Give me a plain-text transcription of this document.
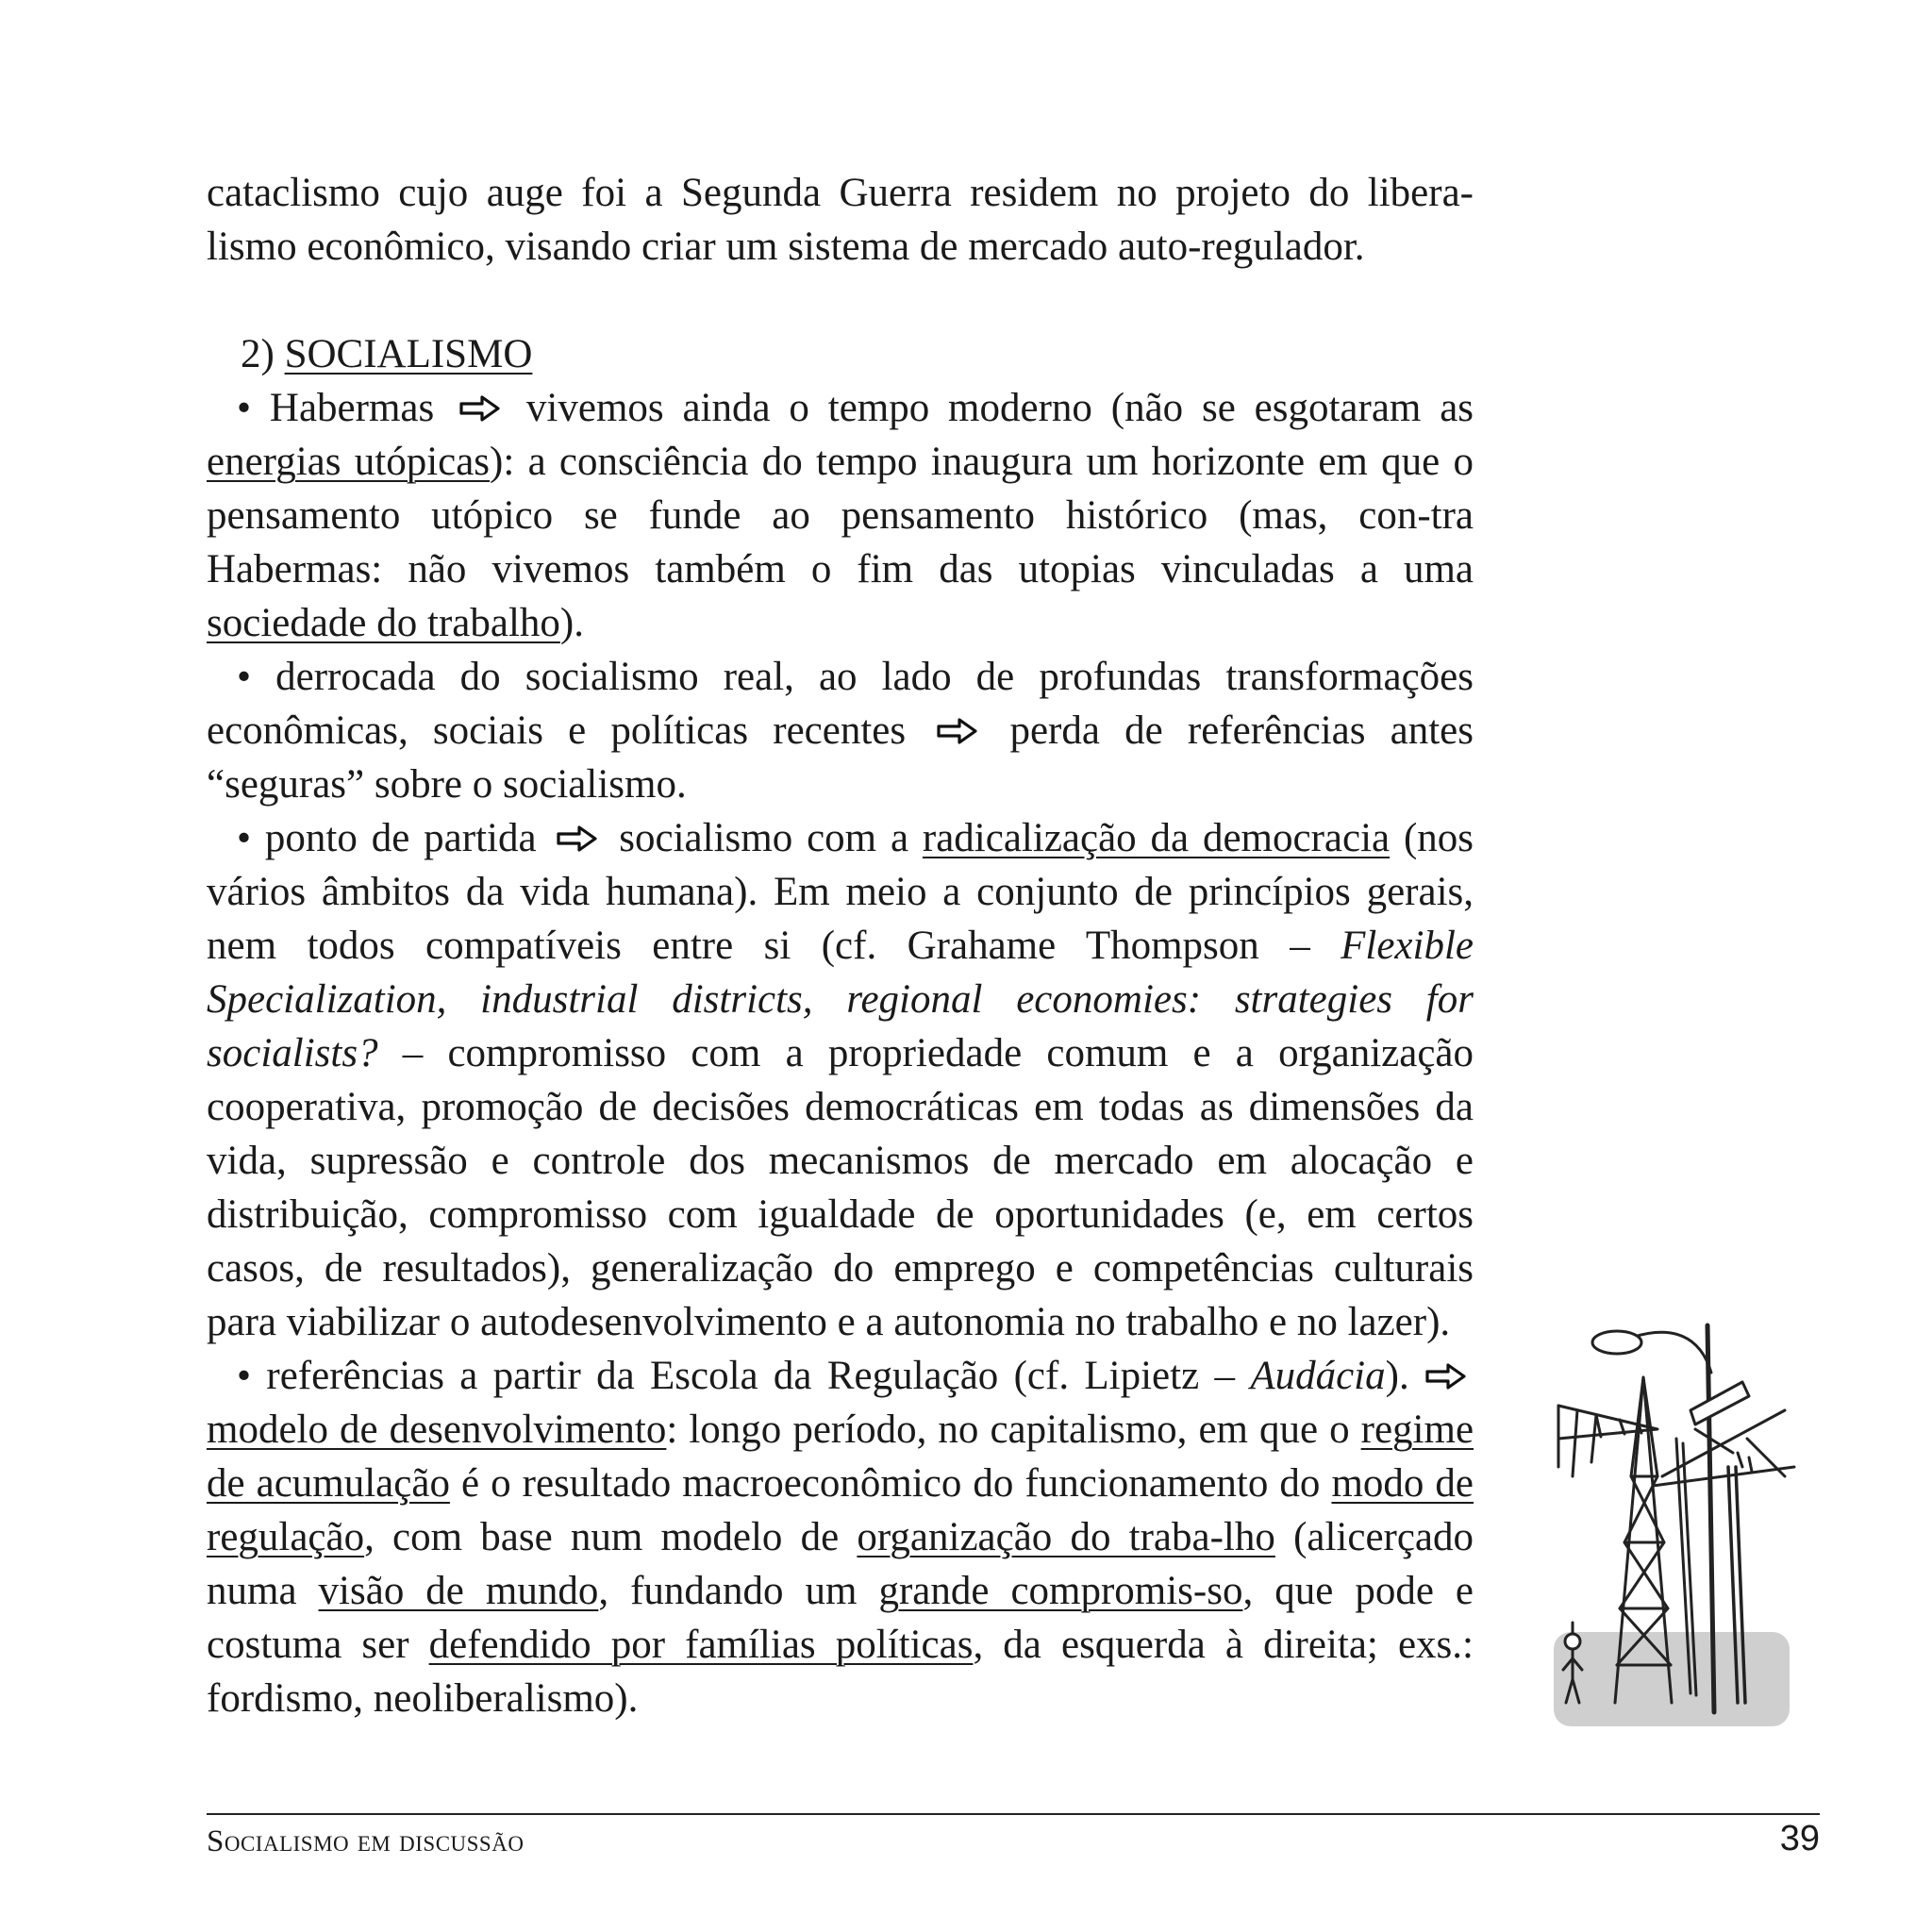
cataclismo cujo auge foi a Segunda Guerra residem no projeto do libera- lismo econômico, visando criar um sistema de mercado auto-regulador.

2) SOCIALISMO

• Habermas vivemos ainda o tempo moderno (não se esgotaram as energias utópicas): a consciência do tempo inaugura um horizonte em que o pensamento utópico se funde ao pensamento histórico (mas, con-tra Habermas: não vivemos também o fim das utopias vinculadas a uma sociedade do trabalho).

• derrocada do socialismo real, ao lado de profundas transformações econômicas, sociais e políticas recentes	perda de referências antes “seguras” sobre o socialismo.

• ponto de partida socialismo com a radicalização da democracia (nos vários âmbitos da vida humana). Em meio a conjunto de princípios gerais, nem todos compatíveis entre si (cf. Grahame Thompson – Flexible Specialization, industrial districts, regional economies: strategies for socialists? – compromisso com a propriedade comum e a organização cooperativa, promoção de decisões democráticas em todas as dimensões da vida, supressão e controle dos mecanismos de mercado em alocação e distribuição, compromisso com igualdade de oportunidades (e, em certos casos, de resultados), generalização do emprego e competências culturais para viabilizar o autodesenvolvimento e a autonomia no trabalho e no lazer).

• referências a partir da Escola da Regulação (cf. Lipietz – Audácia).  modelo de desenvolvimento: longo período, no capitalismo, em que o regime de acumulação é o resultado macroeconômico do funcionamento do modo de regulação, com base num modelo de organização do traba-lho (alicerçado numa visão de mundo, fundando um grande compromis-so, que pode e costuma ser defendido por famílias políticas, da esquerda à direita; exs.: fordismo, neoliberalismo).

Socialismo em discussão	39
